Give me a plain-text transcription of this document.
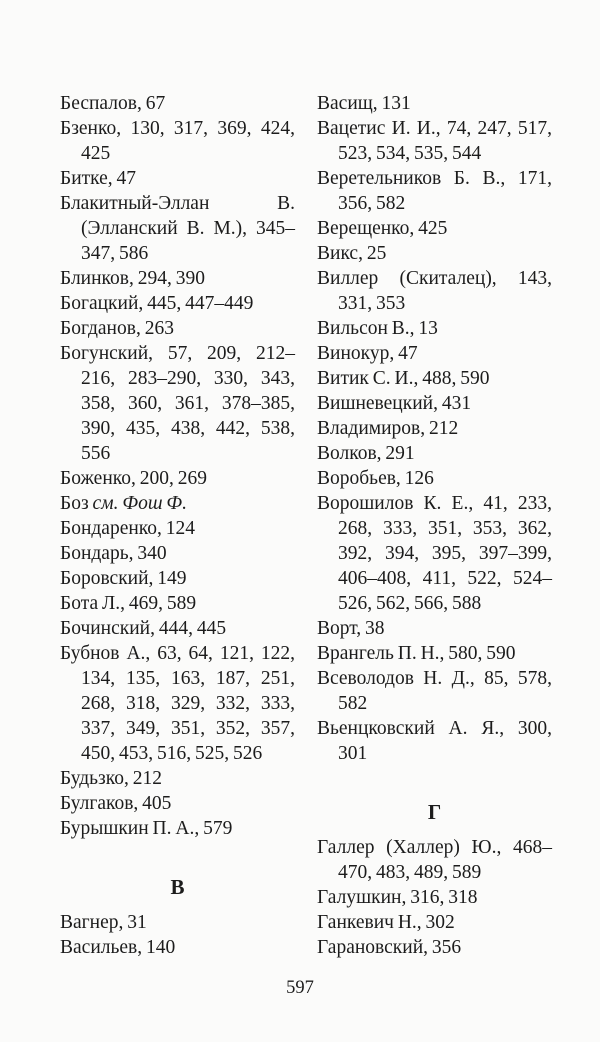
Беспалов, 67

Бзенко, 130, 317, 369, 424, 425

Битке, 47

Блакитный-Эллан В. (Элланский В. М.), 345–347, 586

Блинков, 294, 390

Богацкий, 445, 447–449

Богданов, 263

Богунский, 57, 209, 212–216, 283–290, 330, 343, 358, 360, 361, 378–385, 390, 435, 438, 442, 538, 556

Боженко, 200, 269

Боз см. Фош Ф.

Бондаренко, 124

Бондарь, 340

Боровский, 149

Бота Л., 469, 589

Бочинский, 444, 445

Бубнов А., 63, 64, 121, 122, 134, 135, 163, 187, 251, 268, 318, 329, 332, 333, 337, 349, 351, 352, 357, 450, 453, 516, 525, 526

Будьзко, 212

Булгаков, 405

Бурышкин П. А., 579

В

Вагнер, 31

Васильев, 140

Васищ, 131

Вацетис И. И., 74, 247, 517, 523, 534, 535, 544

Веретельников Б. В., 171, 356, 582

Верещенко, 425

Викс, 25

Виллер (Скиталец), 143, 331, 353

Вильсон В., 13

Винокур, 47

Витик С. И., 488, 590

Вишневецкий, 431

Владимиров, 212

Волков, 291

Воробьев, 126

Ворошилов К. Е., 41, 233, 268, 333, 351, 353, 362, 392, 394, 395, 397–399, 406–408, 411, 522, 524–526, 562, 566, 588

Ворт, 38

Врангель П. Н., 580, 590

Всеволодов Н. Д., 85, 578, 582

Вьенцковский А. Я., 300, 301

Г

Галлер (Халлер) Ю., 468–470, 483, 489, 589

Галушкин, 316, 318

Ганкевич Н., 302

Гарановский, 356

597
